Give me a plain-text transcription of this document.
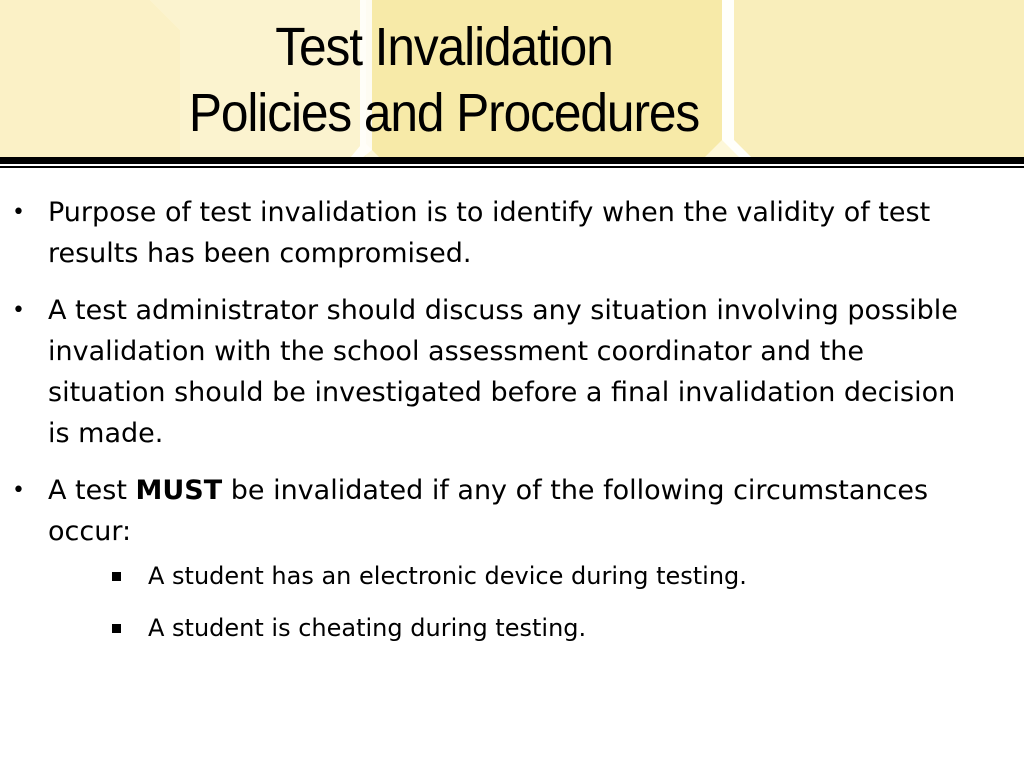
Test Invalidation
Policies and Procedures
• Purpose of test invalidation is to identify when the validity of test results has been compromised.
• A test administrator should discuss any situation involving possible invalidation with the school assessment coordinator and the situation should be investigated before a final invalidation decision is made.
• A test MUST be invalidated if any of the following circumstances occur:
A student has an electronic device during testing.
A student is cheating during testing.
